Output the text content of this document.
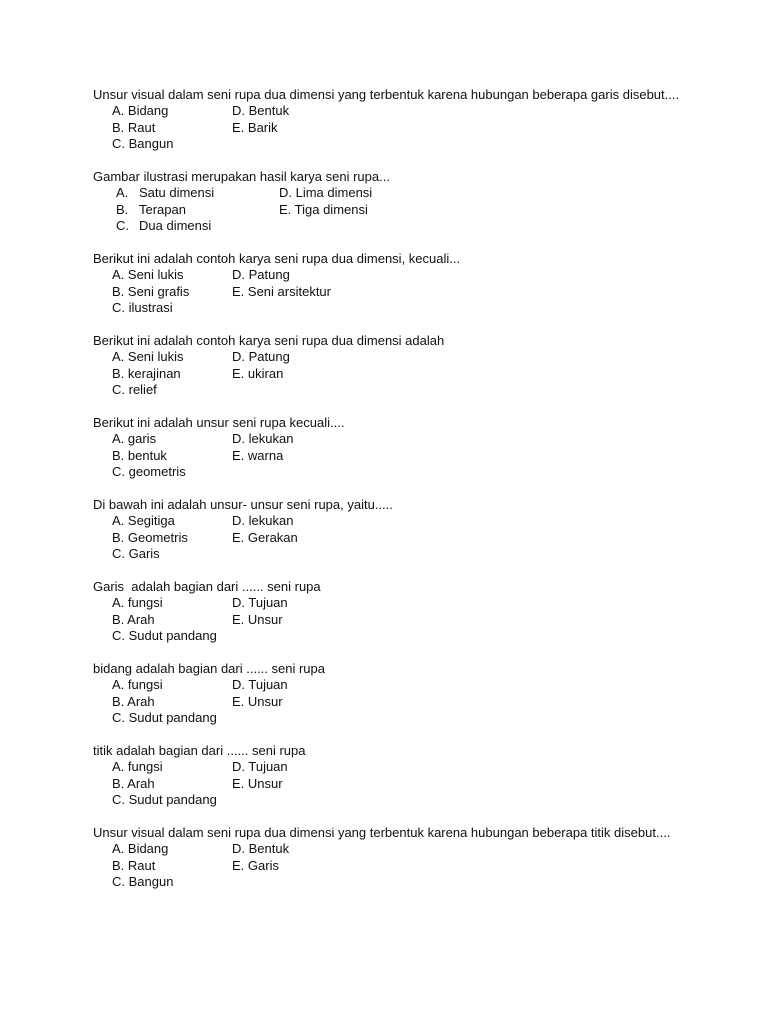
Unsur visual dalam seni rupa dua dimensi yang terbentuk karena hubungan beberapa garis disebut....
A. Bidang	D. Bentuk
B. Raut	E. Barik
C. Bangun
Gambar ilustrasi merupakan hasil karya seni rupa...
A. Satu dimensi	D. Lima dimensi
B. Terapan	E. Tiga dimensi
C. Dua dimensi
Berikut ini adalah contoh karya seni rupa dua dimensi, kecuali...
A. Seni lukis	D. Patung
B. Seni grafis	E. Seni arsitektur
C. ilustrasi
Berikut ini adalah contoh karya seni rupa dua dimensi adalah
A. Seni lukis	D. Patung
B. kerajinan	E. ukiran
C. relief
Berikut ini adalah unsur seni rupa kecuali....
A. garis	D. lekukan
B. bentuk	E. warna
C. geometris
Di bawah ini adalah unsur- unsur seni rupa, yaitu.....
A. Segitiga	D. lekukan
B. Geometris	E. Gerakan
C. Garis
Garis  adalah bagian dari ...... seni rupa
A. fungsi	D. Tujuan
B. Arah	E. Unsur
C. Sudut pandang
bidang adalah bagian dari ...... seni rupa
A. fungsi	D. Tujuan
B. Arah	E. Unsur
C. Sudut pandang
titik adalah bagian dari ...... seni rupa
A. fungsi	D. Tujuan
B. Arah	E. Unsur
C. Sudut pandang
Unsur visual dalam seni rupa dua dimensi yang terbentuk karena hubungan beberapa titik disebut....
A. Bidang	D. Bentuk
B. Raut	E. Garis
C. Bangun
